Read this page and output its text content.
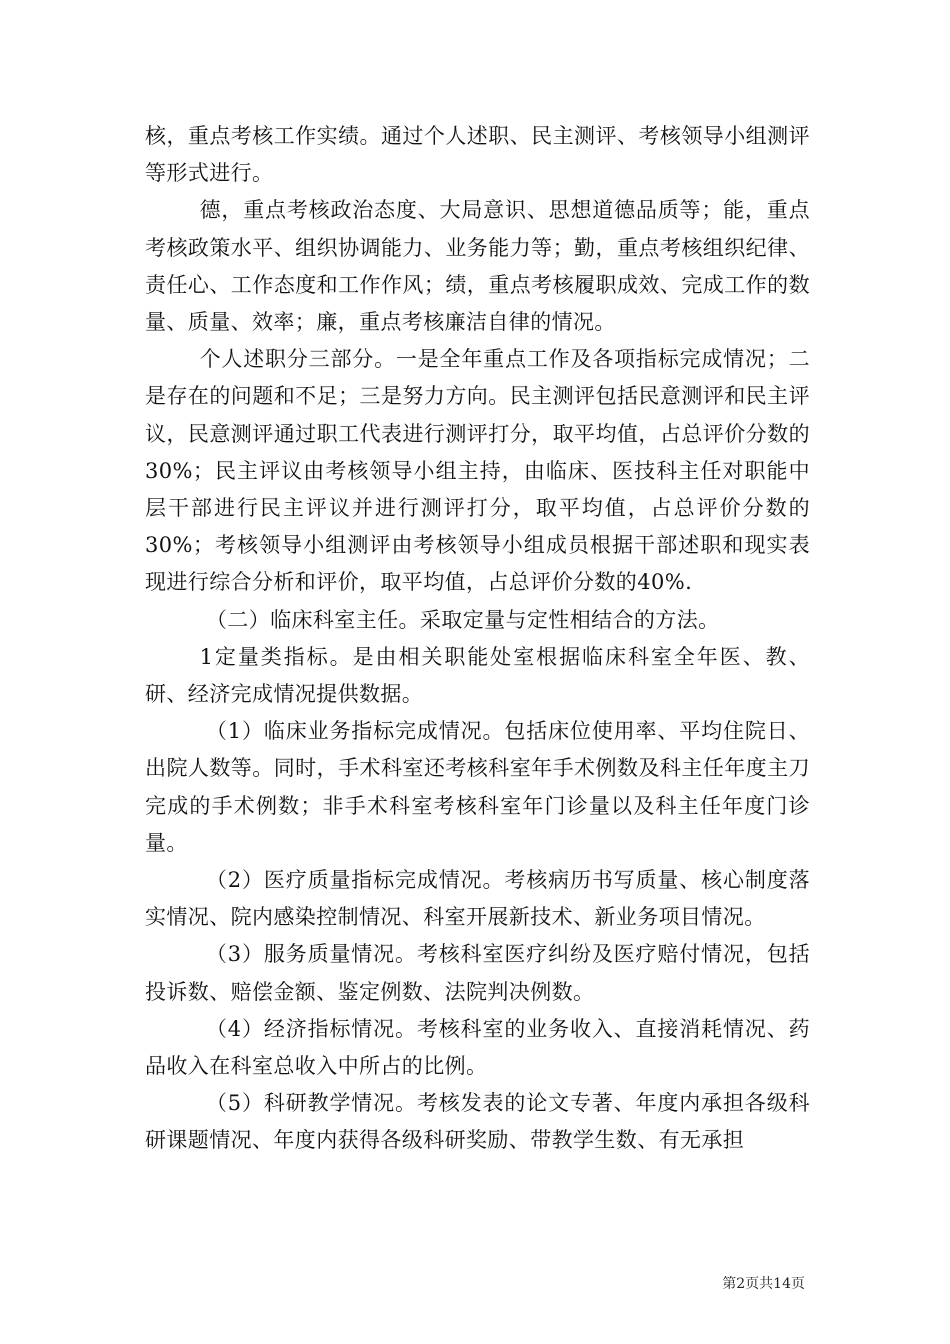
核，重点考核工作实绩。通过个人述职、民主测评、考核领导小组测评等形式进行。

德，重点考核政治态度、大局意识、思想道德品质等；能，重点考核政策水平、组织协调能力、业务能力等；勤，重点考核组织纪律、责任心、工作态度和工作作风；绩，重点考核履职成效、完成工作的数量、质量、效率；廉，重点考核廉洁自律的情况。

个人述职分三部分。一是全年重点工作及各项指标完成情况；二是存在的问题和不足；三是努力方向。民主测评包括民意测评和民主评议，民意测评通过职工代表进行测评打分，取平均值，占总评价分数的30%；民主评议由考核领导小组主持，由临床、医技科主任对职能中层干部进行民主评议并进行测评打分，取平均值，占总评价分数的30%；考核领导小组测评由考核领导小组成员根据干部述职和现实表现进行综合分析和评价，取平均值，占总评价分数的40%.

（二）临床科室主任。采取定量与定性相结合的方法。

1定量类指标。是由相关职能处室根据临床科室全年医、教、研、经济完成情况提供数据。

（1）临床业务指标完成情况。包括床位使用率、平均住院日、出院人数等。同时，手术科室还考核科室年手术例数及科主任年度主刀完成的手术例数；非手术科室考核科室年门诊量以及科主任年度门诊量。

（2）医疗质量指标完成情况。考核病历书写质量、核心制度落实情况、院内感染控制情况、科室开展新技术、新业务项目情况。

（3）服务质量情况。考核科室医疗纠纷及医疗赔付情况，包括投诉数、赔偿金额、鉴定例数、法院判决例数。

（4）经济指标情况。考核科室的业务收入、直接消耗情况、药品收入在科室总收入中所占的比例。

（5）科研教学情况。考核发表的论文专著、年度内承担各级科研课题情况、年度内获得各级科研奖励、带教学生数、有无承担

第2页共14页
